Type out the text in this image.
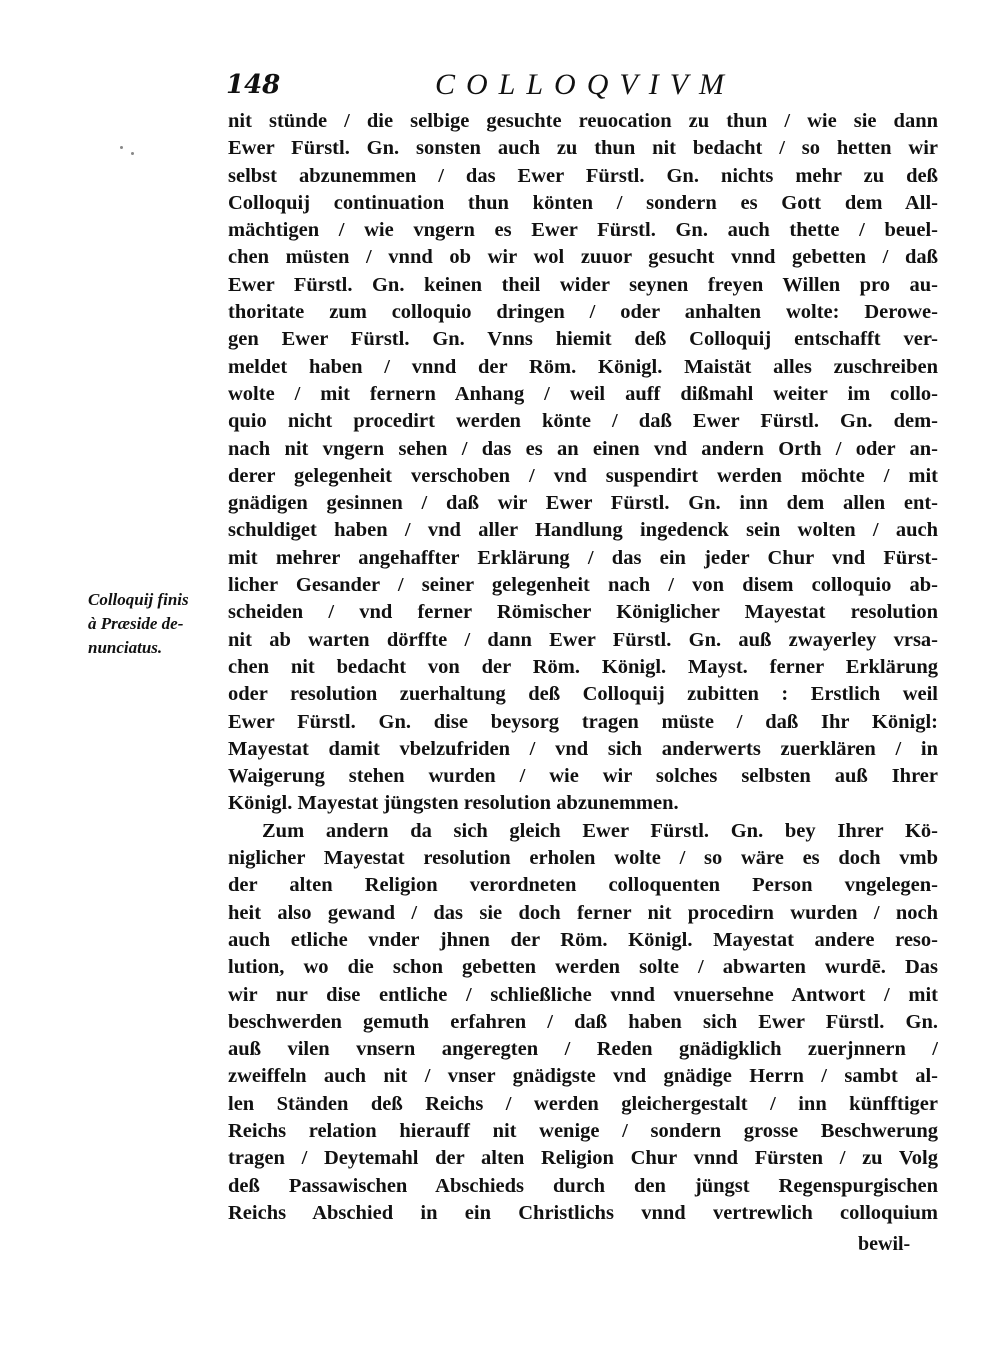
148	COLLOQVIVM
Colloquij finis
à Præside de-
nunciatus.
nit stünde / die selbige gesuchte reuocation zu thun / wie sie dann
Ewer Fürstl. Gn. sonsten auch zu thun nit bedacht / so hetten wir
selbst abzunemmen / das Ewer Fürstl. Gn. nichts mehr zu deß
Colloquij continuation thun könten / sondern es Gott dem All-
mächtigen / wie vngern es Ewer Fürstl. Gn. auch thette / beuel-
chen müsten / vnnd ob wir wol zuuor gesucht vnnd gebetten / daß
Ewer Fürstl. Gn. keinen theil wider seynen freyen Willen pro au-
thoritate zum colloquio dringen / oder anhalten wolte: Derowe-
gen Ewer Fürstl. Gn. Vnns hiemit deß Colloquij entschafft ver-
meldet haben / vnnd der Röm. Königl. Maistät alles zuschreiben
wolte / mit fernern Anhang / weil auff dißmahl weiter im collo-
quio nicht procedirt werden könte / daß Ewer Fürstl. Gn. dem-
nach nit vngern sehen / das es an einen vnd andern Orth / oder an-
derer gelegenheit verschoben / vnd suspendirt werden möchte / mit
gnädigen gesinnen / daß wir Ewer Fürstl. Gn. inn dem allen ent-
schuldiget haben / vnd aller Handlung ingedenck sein wolten / auch
mit mehrer angehaffter Erklärung / das ein jeder Chur vnd Fürst-
licher Gesander / seiner gelegenheit nach / von disem colloquio ab-
scheiden / vnd ferner Römischer Königlicher Mayestat resolution
nit ab warten dörffte / dann Ewer Fürstl. Gn. auß zwayerley vrsa-
chen nit bedacht von der Röm. Königl. Mayst. ferner Erklärung
oder resolution zuerhaltung deß Colloquij zubitten : Erstlich weil
Ewer Fürstl. Gn. dise beysorg tragen müste / daß Ihr Königl:
Mayestat damit vbelzufriden / vnd sich anderwerts zuerklären / in
Waigerung stehen wurden / wie wir solches selbsten auß Ihrer
Königl. Mayestat jüngsten resolution abzunemmen.
Zum andern da sich gleich Ewer Fürstl. Gn. bey Ihrer Kö-
niglicher Mayestat resolution erholen wolte / so wäre es doch vmb
der alten Religion verordneten colloquenten Person vngelegen-
heit also gewand / das sie doch ferner nit procedirn wurden / noch
auch etliche vnder jhnen der Röm. Königl. Mayestat andere reso-
lution, wo die schon gebetten werden solte / abwarten wurdē. Das
wir nur dise entliche / schließliche vnnd vnuersehne Antwort / mit
beschwerden gemuth erfahren / daß haben sich Ewer Fürstl. Gn.
auß vilen vnsern angeregten / Reden gnädigklich zuerjnnern /
zweiffeln auch nit / vnser gnädigste vnd gnädige Herrn / sambt al-
len Ständen deß Reichs / werden gleichergestalt / inn künfftiger
Reichs relation hierauff nit wenige / sondern grosse Beschwerung
tragen / Deytemahl der alten Religion Chur vnnd Fürsten / zu Volg
deß Passawischen Abschieds durch den jüngst Regenspurgischen
Reichs Abschied in ein Christlichs vnnd vertrewlich colloquium
bewil-
